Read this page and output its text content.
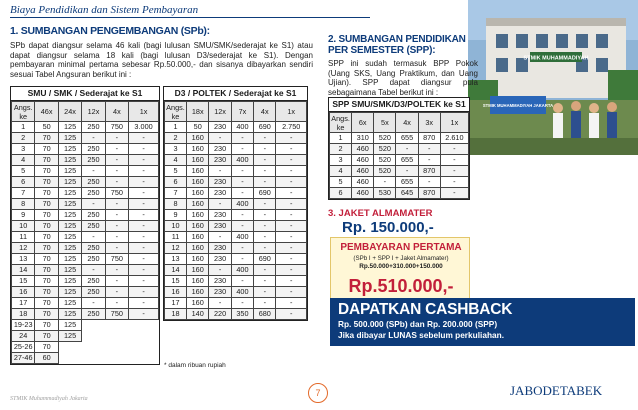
Biaya Pendidikan dan Sistem Pembayaran
1. SUMBANGAN PENGEMBANGAN (SPb):
SPb dapat diangsur selama 46 kali (bagi lulusan SMU/SMK/sederajat ke S1) atau dapat diangsur selama 18 kali (bagi lulusan D3/sederajat ke S1). Dengan pembayaran minimal pertama sebesar Rp.50.000,- dan sisanya dibayarkan sendiri sesuai Tabel Angsuran berikut ini :
SMU / SMK / Sederajat ke S1
Angs. ke	46x	24x	12x	4x	1x
1	50	125	250	750	3.000
2	70	125	-	-	-
3	70	125	250	-	-
4	70	125	250	-	-
5	70	125	-	-	-
6	70	125	250	-	-
7	70	125	250	750	-
8	70	125	-	-	-
9	70	125	250	-	-
10	70	125	250	-	-
11	70	125	-	-	-
12	70	125	250	-	-
13	70	125	250	750	-
14	70	125	-	-	-
15	70	125	250	-	-
16	70	125	250	-	-
17	70	125	-	-	-
18	70	125	250	750	-
19-23	70	125			
24	70	125			
25-26	70				
27-46	60				
D3 / POLTEK / Sederajat ke S1
Angs. ke	18x	12x	7x	4x	1x
1	50	230	400	690	2.750
2	160	-	-	-	-
3	160	230	-	-	-
4	160	230	400	-	-
5	160	-	-	-	-
6	160	230	-	-	-
7	160	230	-	690	-
8	160	-	400	-	-
9	160	230	-	-	-
10	160	230	-	-	-
11	160	-	400	-	-
12	160	230	-	-	-
13	160	230	-	690	-
14	160	-	400	-	-
15	160	230	-	-	-
16	160	230	400	-	-
17	160	-	-	-	-
18	140	220	350	680	-
* dalam ribuan rupiah
STMIK MUHAMMADIYAH
STMIK MUHAMMADIYAH JAKARTA
2. SUMBANGAN PENDIDIKAN PER SEMESTER (SPP):
SPP ini sudah termasuk BPP Pokok (Uang SKS, Uang Praktikum, dan Uang Ujian). SPP dapat diangsur pula sebagaimana Tabel berikut ini :
SPP SMU/SMK/D3/POLTEK ke S1
Angs. ke	6x	5x	4x	3x	1x
1	310	520	655	870	2.610
2	460	520	-	-	-
3	460	520	655	-	-
4	460	520	-	870	-
5	460	-	655	-	-
6	460	530	645	870	-
3. JAKET ALMAMATER
Rp. 150.000,-
PEMBAYARAN PERTAMA
(SPb I + SPP I + Jaket Almamater)
Rp.50.000+310.000+150.000
Rp.510.000,-
DAPATKAN CASHBACK
Rp. 500.000 (SPb) dan Rp. 200.000 (SPP)
Jika dibayar LUNAS sebelum perkuliahan.
STMIK Muhammadiyah Jakarta
7	JABODETABEK
